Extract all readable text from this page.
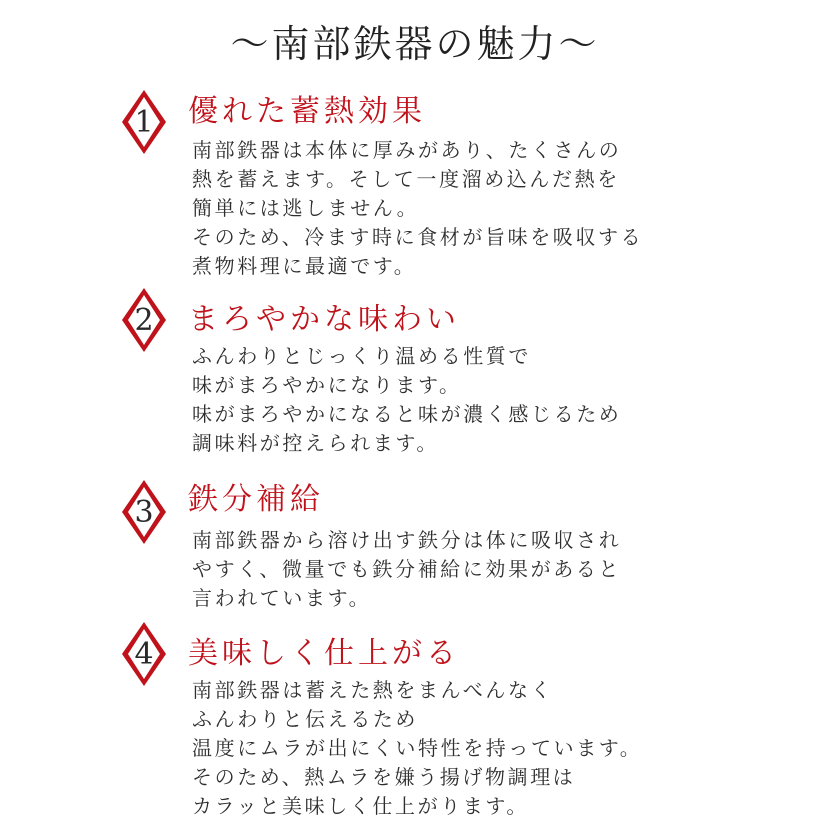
～南部鉄器の魅力～
1 優れた蓄熱効果
南部鉄器は本体に厚みがあり、たくさんの
熱を蓄えます。そして一度溜め込んだ熱を
簡単には逃しません。
そのため、冷ます時に食材が旨味を吸収する
煮物料理に最適です。
2 まろやかな味わい
ふんわりとじっくり温める性質で
味がまろやかになります。
味がまろやかになると味が濃く感じるため
調味料が控えられます。
3 鉄分補給
南部鉄器から溶け出す鉄分は体に吸収され
やすく、微量でも鉄分補給に効果があると
言われています。
4 美味しく仕上がる
南部鉄器は蓄えた熱をまんべんなく
ふんわりと伝えるため
温度にムラが出にくい特性を持っています。
そのため、熱ムラを嫌う揚げ物調理は
カラッと美味しく仕上がります。
